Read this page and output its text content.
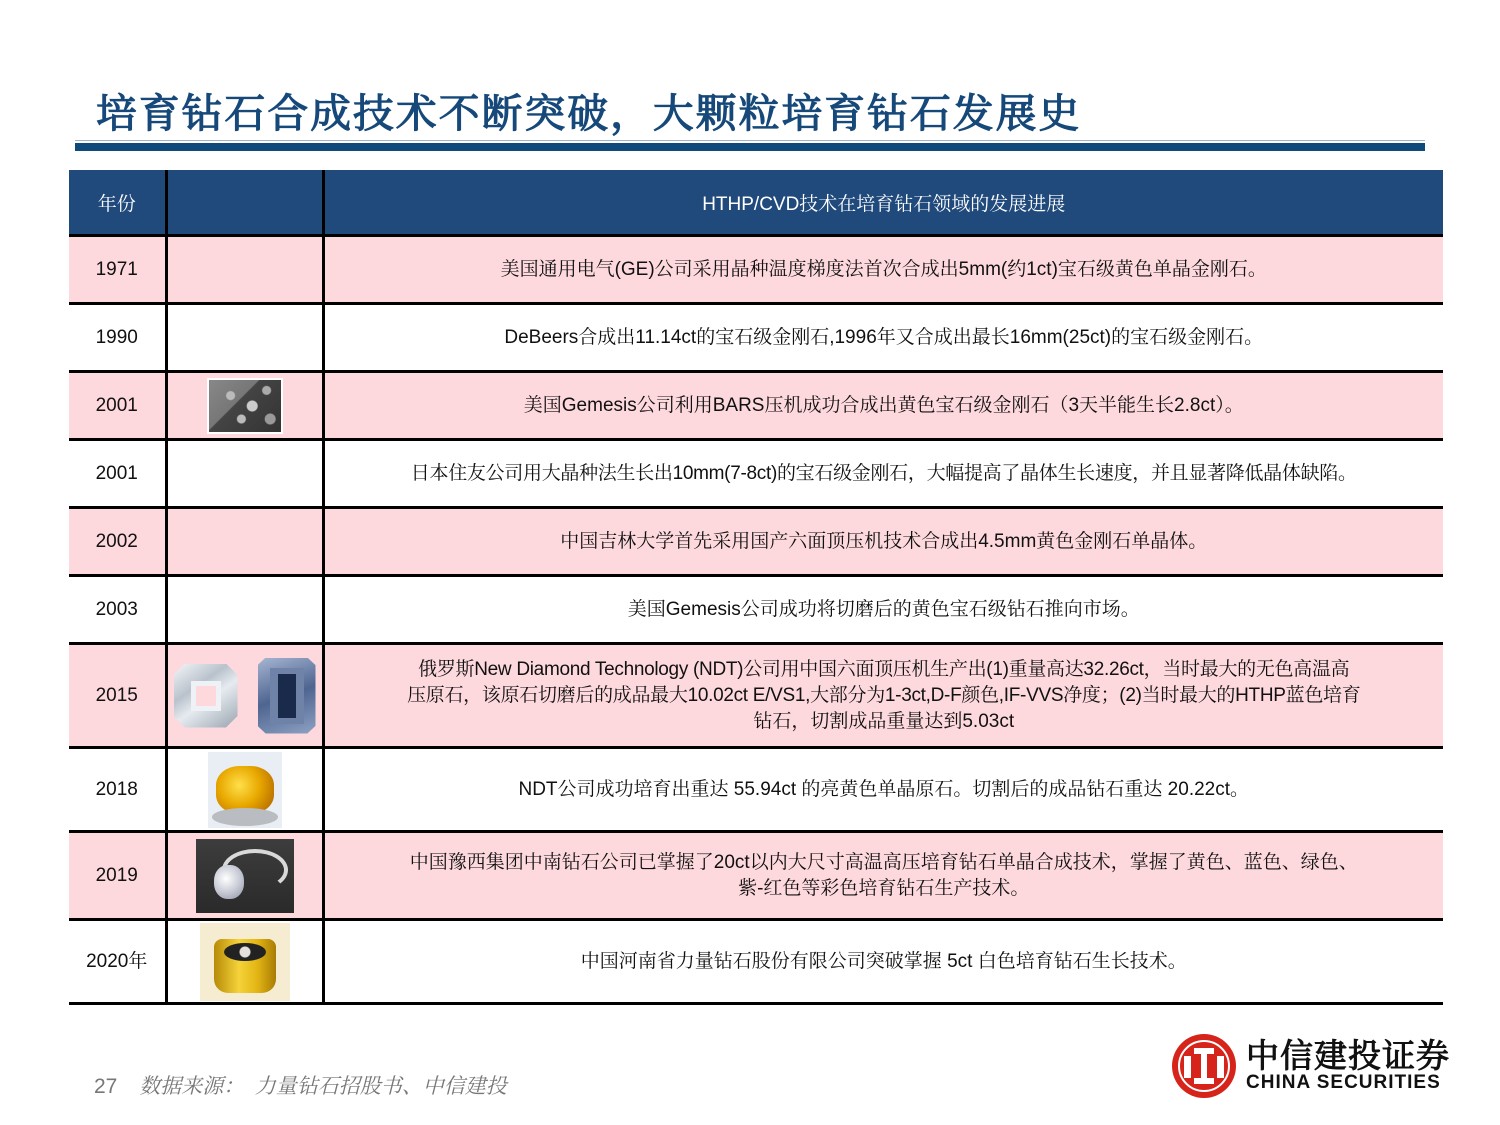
培育钻石合成技术不断突破，大颗粒培育钻石发展史
年份		HTHP/CVD技术在培育钻石领域的发展进展
1971		美国通用电气(GE)公司采用晶种温度梯度法首次合成出5mm(约1ct)宝石级黄色单晶金刚石。
1990		DeBeers合成出11.14ct的宝石级金刚石,1996年又合成出最长16mm(25ct)的宝石级金刚石。
2001		美国Gemesis公司利用BARS压机成功合成出黄色宝石级金刚石（3天半能生长2.8ct）。
2001		日本住友公司用大晶种法生长出10mm(7-8ct)的宝石级金刚石，大幅提高了晶体生长速度，并且显著降低晶体缺陷。
2002		中国吉林大学首先采用国产六面顶压机技术合成出4.5mm黄色金刚石单晶体。
2003		美国Gemesis公司成功将切磨后的黄色宝石级钻石推向市场。
2015		俄罗斯New Diamond Technology (NDT)公司用中国六面顶压机生产出(1)重量高达32.26ct，当时最大的无色高温高
压原石，该原石切磨后的成品最大10.02ct E/VS1,大部分为1-3ct,D-F颜色,IF-VVS净度；(2)当时最大的HTHP蓝色培育
钻石，切割成品重量达到5.03ct

2018		NDT公司成功培育出重达 55.94ct 的亮黄色单晶原石。切割后的成品钻石重达 20.22ct。
2019		中国豫西集团中南钻石公司已掌握了20ct以内大尺寸高温高压培育钻石单晶合成技术，掌握了黄色、蓝色、绿色、
紫-红色等彩色培育钻石生产技术。

2020年		中国河南省力量钻石股份有限公司突破掌握 5ct 白色培育钻石生长技术。
27 数据来源：　力量钻石招股书、中信建投
中信建投证券
CHINA SECURITIES
